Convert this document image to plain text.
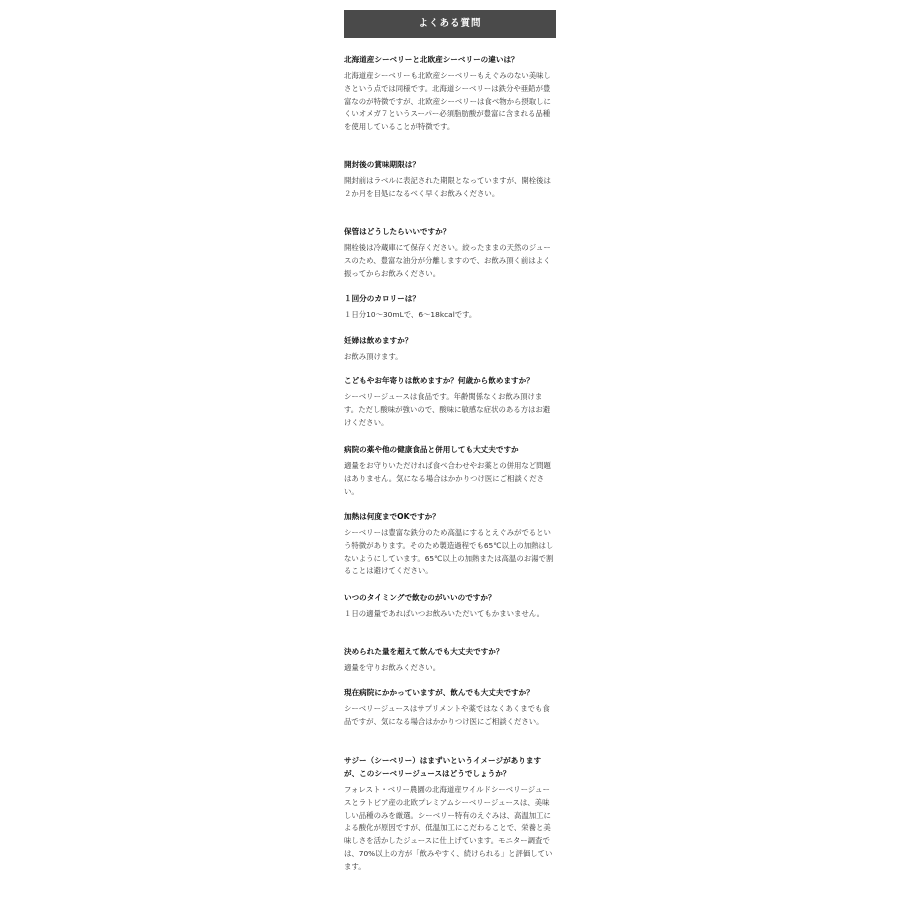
よくある質問

北海道産シーベリーと北欧産シーベリーの違いは？

北海道産シーベリーも北欧産シーベリーもえぐみのない美味しさという点では同様です。北海道シーベリーは鉄分や亜鉛が豊富なのが特徴ですが、北欧産シーベリーは食べ物から摂取しにくいオメガ７というスーパー必須脂肪酸が豊富に含まれる品種を使用していることが特徴です。

開封後の賞味期限は？

開封前はラベルに表記された期限となっていますが、開栓後は２か月を目処になるべく早くお飲みください。

保管はどうしたらいいですか？

開栓後は冷蔵庫にて保存ください。絞ったままの天然のジュースのため、豊富な油分が分離しますので、お飲み頂く前はよく振ってからお飲みください。

１回分のカロリーは？

１日分10〜30mLで、6〜18kcalです。

妊婦は飲めますか？

お飲み頂けます。

こどもやお年寄りは飲めますか？何歳から飲めますか？

シーベリージュースは食品です。年齢関係なくお飲み頂けます。ただし酸味が強いので、酸味に敏感な症状のある方はお避けください。

病院の薬や他の健康食品と併用しても大丈夫ですか

適量をお守りいただければ食べ合わせやお薬との併用など問題はありません。気になる場合はかかりつけ医にご相談ください。

加熱は何度までOKですか？

シーベリーは豊富な鉄分のため高温にするとえぐみがでるという特徴があります。そのため製造過程でも65℃以上の加熱はしないようにしています。65℃以上の加熱または高温のお湯で割ることは避けてください。

いつのタイミングで飲むのがいいのですか？

１日の適量であればいつお飲みいただいてもかまいません。

決められた量を超えて飲んでも大丈夫ですか？

適量を守りお飲みください。

現在病院にかかっていますが、飲んでも大丈夫ですか？

シーベリージュースはサプリメントや薬ではなくあくまでも食品ですが、気になる場合はかかりつけ医にご相談ください。

サジー（シーベリー）はまずいというイメージがありますが、このシーベリージュースはどうでしょうか？

フォレスト・ベリー農園の北海道産ワイルドシーベリージュースとラトビア産の北欧プレミアムシーベリージュースは、美味しい品種のみを厳選。シーベリー特有のえぐみは、高温加工による酸化が原因ですが、低温加工にこだわることで、栄養と美味しさを活かしたジュースに仕上げています。モニター調査では、70%以上の方が「飲みやすく、続けられる」と評価しています。
